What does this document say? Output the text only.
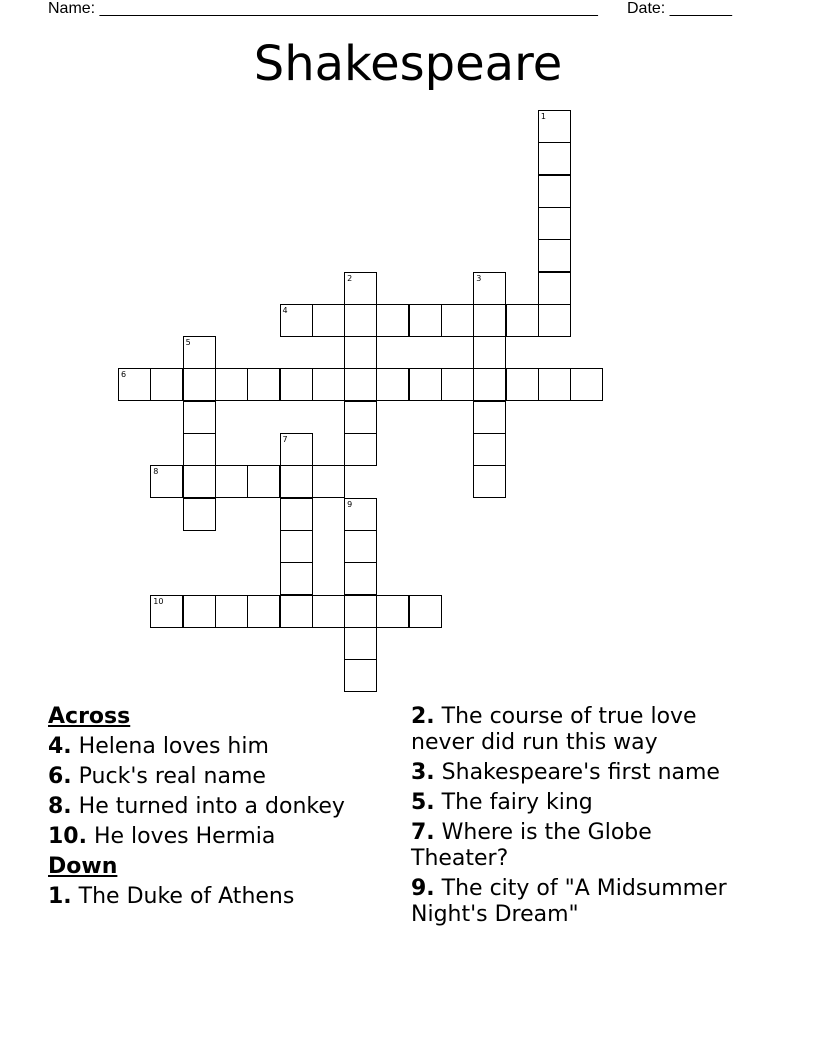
Name: ________________________________________________________ Date: _______
Shakespeare
1
2	3
4
5
6
7
8
9
10
Across
4. Helena loves him
6. Puck's real name
8. He turned into a donkey
10. He loves Hermia
Down
1. The Duke of Athens
2. The course of true love never did run this way
3. Shakespeare's first name
5. The fairy king
7. Where is the Globe Theater?
9. The city of "A Midsummer Night's Dream"
